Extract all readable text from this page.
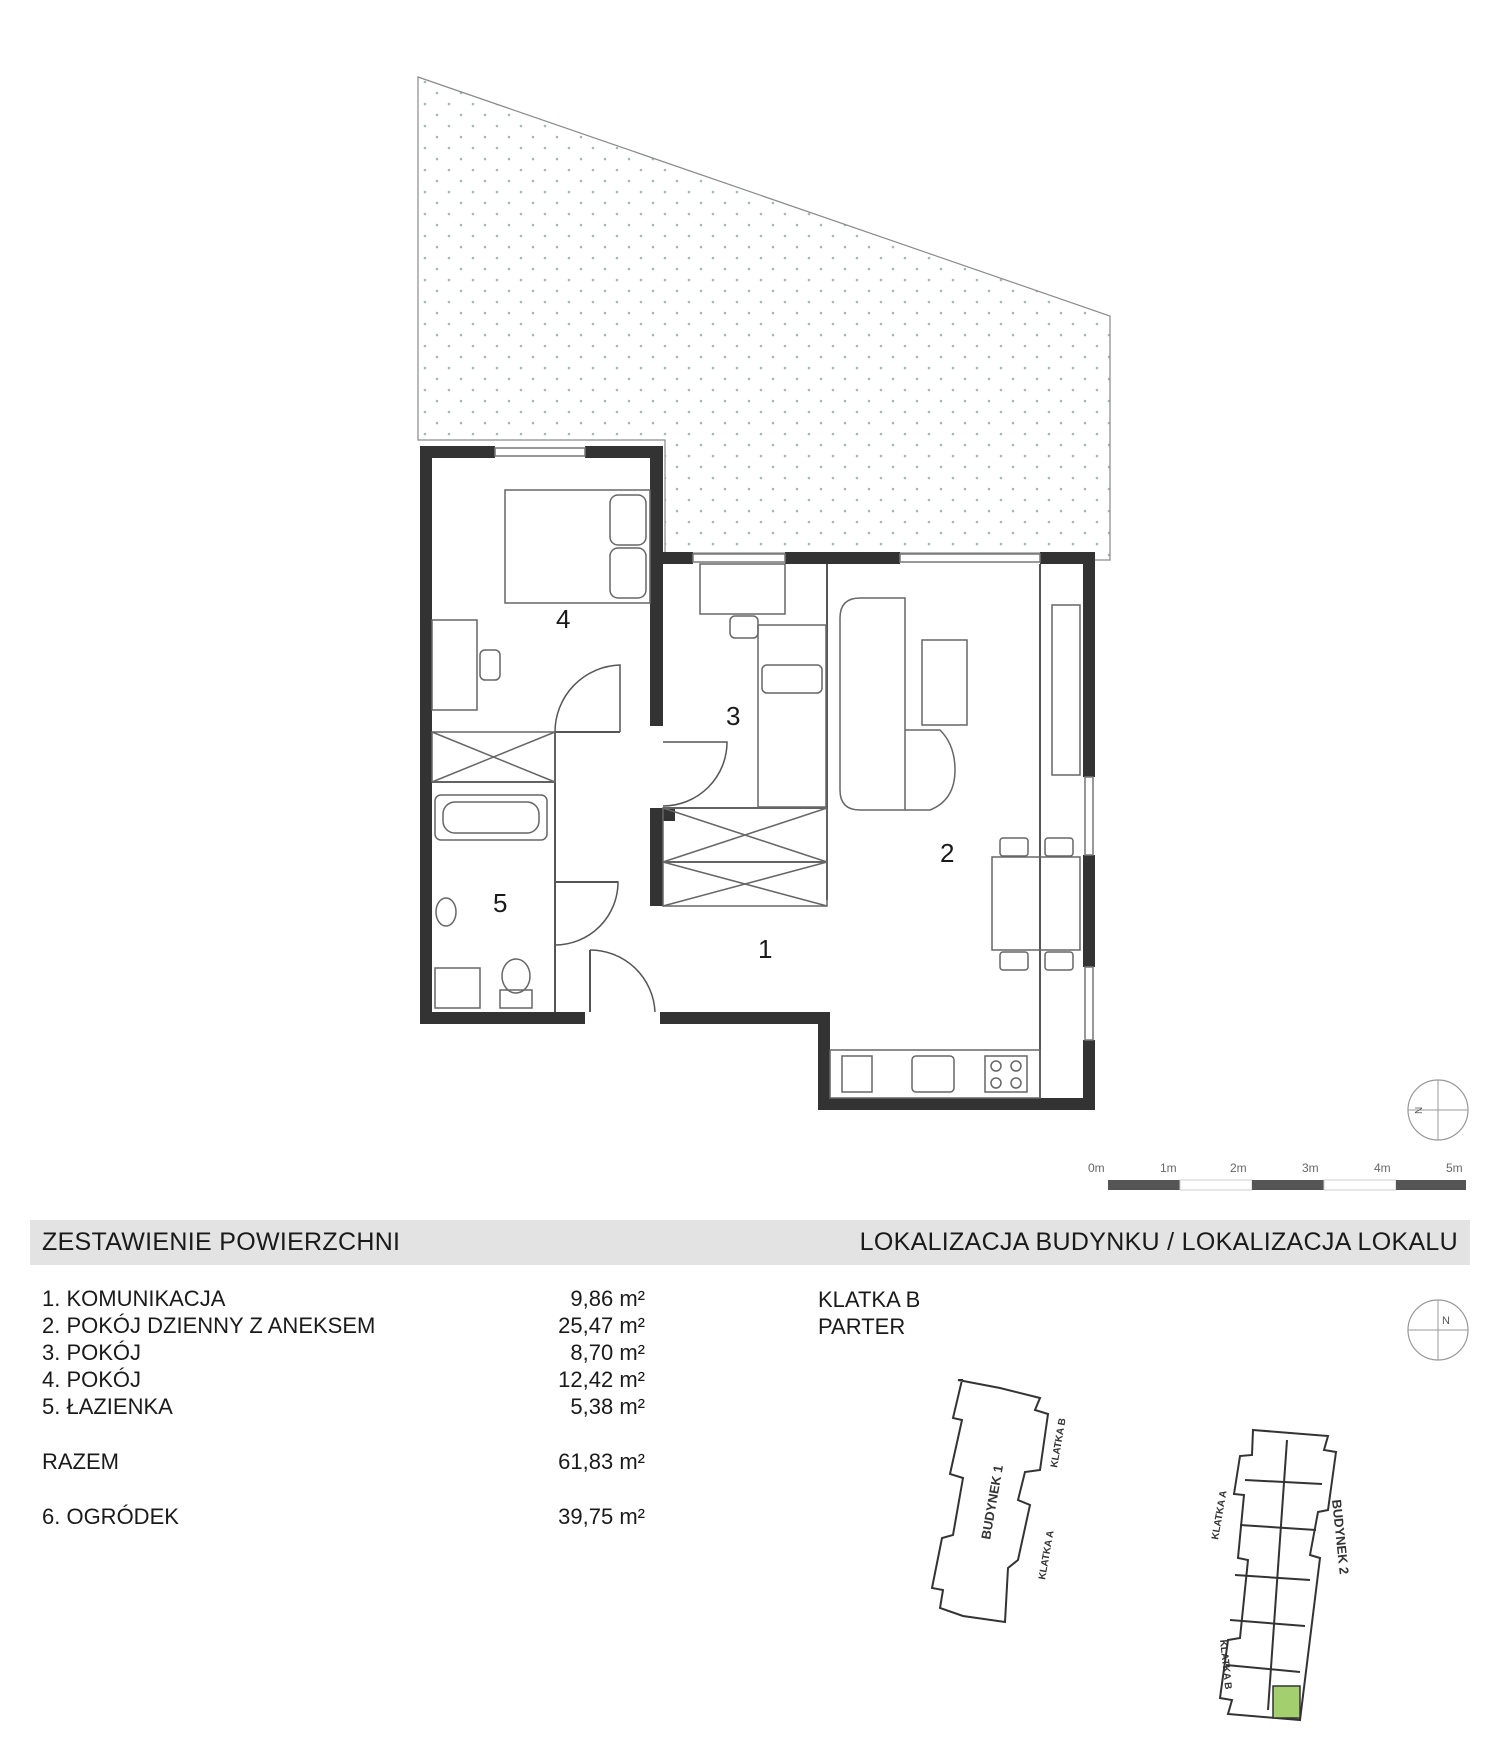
1
2
3
4
5
N
0m	1m	2m	3m	4m	5m
N
BUDYNEK 1
KLATKA B
KLATKA A	BUDYNEK 2
KLATKA A
KLATKA B
ZESTAWIENIE POWIERZCHNI	LOKALIZACJA BUDYNKU / LOKALIZACJA LOKALU
1. KOMUNIKACJA	9,86 m²
2. POKÓJ DZIENNY Z ANEKSEM	25,47 m²
3. POKÓJ	8,70 m²
4. POKÓJ	12,42 m²
5. ŁAZIENKA	5,38 m²
RAZEM	61,83 m²
6. OGRÓDEK	39,75 m²
KLATKA B
PARTER
